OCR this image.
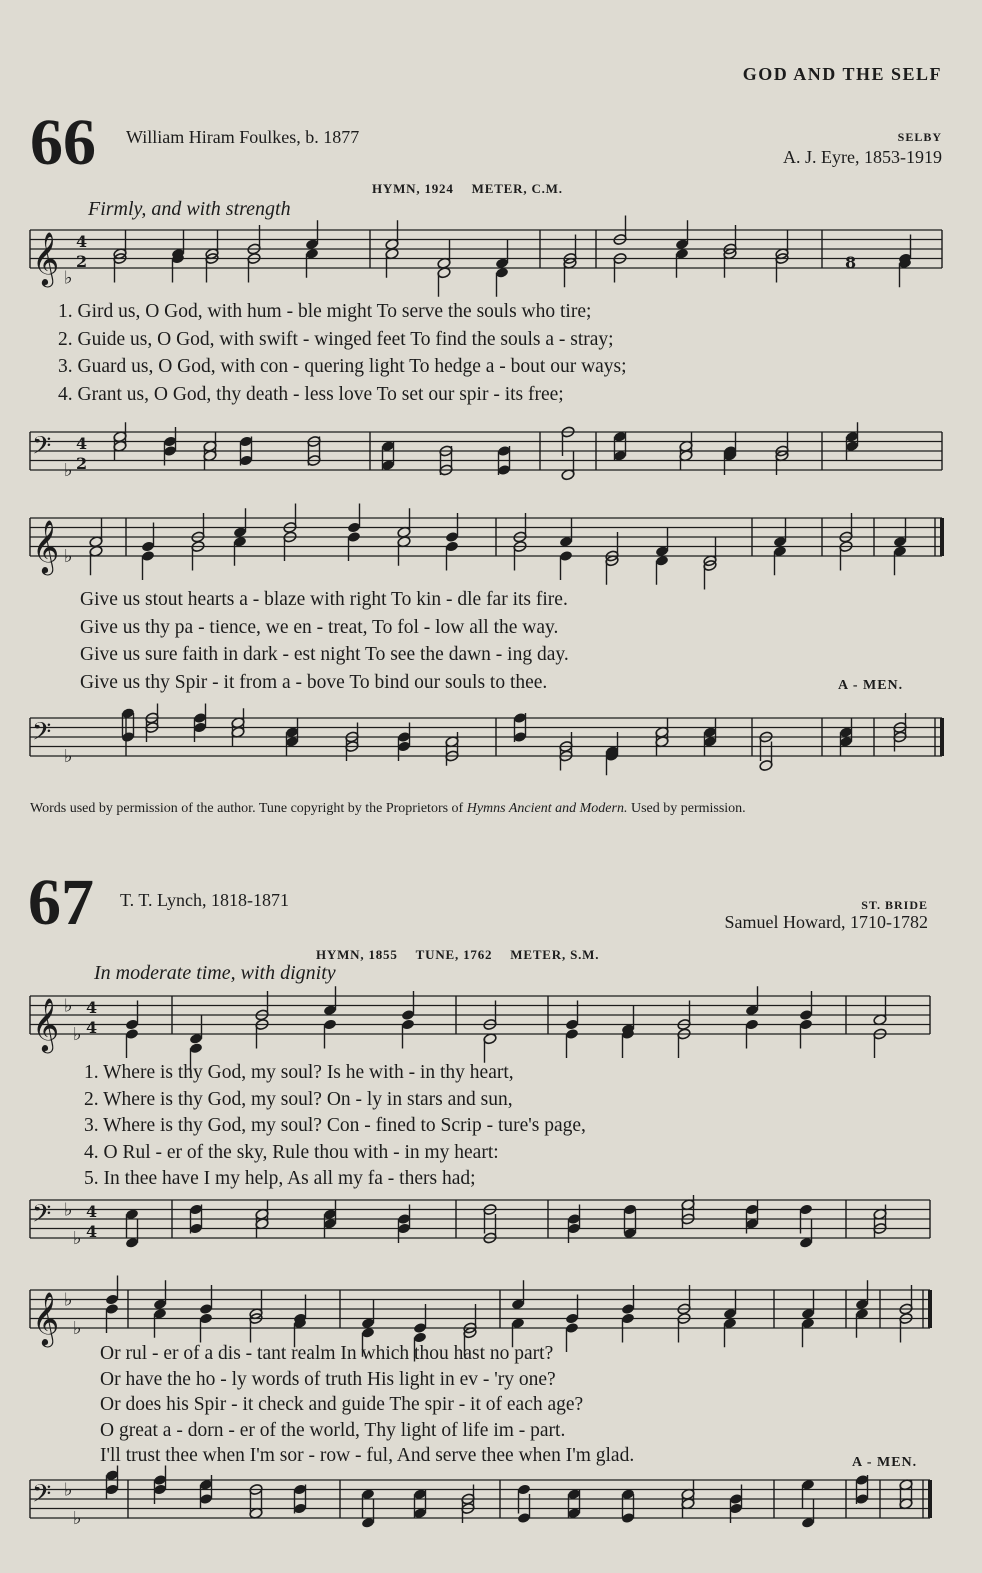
GOD AND THE SELF
66 William Hiram Foulkes, b. 1877	SELBY
A. J. Eyre, 1853-1919
HYMN, 1924 METER, C.M.
Firmly, and with strength
1. Gird us, O God, with hum - ble might To serve the souls who tire;
2. Guide us, O God, with swift - winged feet To find the souls a - stray;
3. Guard us, O God, with con - quering light To hedge a - bout our ways;
4. Grant us, O God, thy death - less love To set our spir - its free;
Give us stout hearts a - blaze with right To kin - dle far its fire.
Give us thy pa - tience, we en - treat, To fol - low all the way.
Give us sure faith in dark - est night To see the dawn - ing day.
Give us thy Spir - it from a - bove To bind our souls to thee.	A - MEN.
Words used by permission of the author. Tune copyright by the Proprietors of Hymns Ancient and Modern. Used by permission.
67 T. T. Lynch, 1818-1871	ST. BRIDE
Samuel Howard, 1710-1782
HYMN, 1855 TUNE, 1762 METER, S.M.
In moderate time, with dignity
1. Where is thy God, my soul? Is he with - in thy heart,
2. Where is thy God, my soul? On - ly in stars and sun,
3. Where is thy God, my soul? Con - fined to Scrip - ture's page,
4. O Rul - er of the sky, Rule thou with - in my heart:
5. In thee have I my help, As all my fa - thers had;
Or rul - er of a dis - tant realm In which thou hast no part?
Or have the ho - ly words of truth His light in ev - 'ry one?
Or does his Spir - it check and guide The spir - it of each age?
O great a - dorn - er of the world, Thy light of life im - part.
I'll trust thee when I'm sor - row - ful, And serve thee when I'm glad.	A - MEN.
𝄞 ♭
4
2	8
𝄢
♭
4
2
𝄞 ♭
𝄢
♭
𝄞 ♭
♭
4
4
𝄢 ♭
♭
4
4
𝄞 ♭
♭
𝄢 ♭
♭
